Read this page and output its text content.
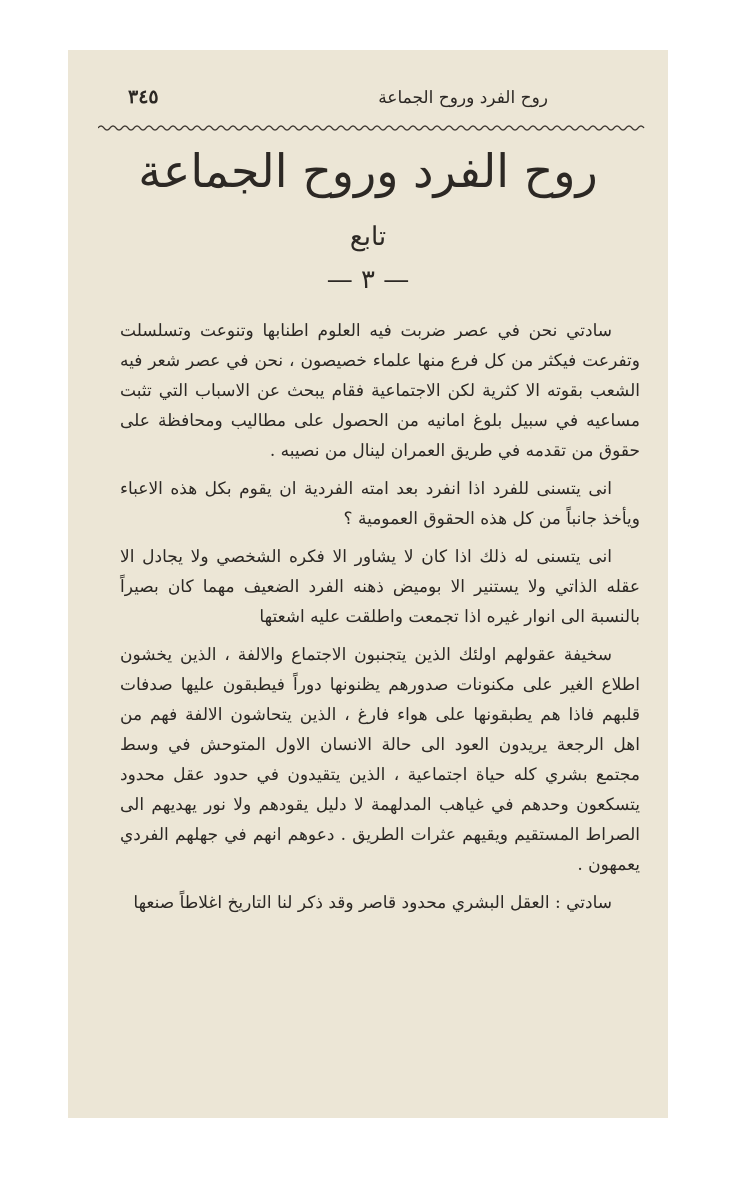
روح الفرد وروح الجماعة
٣٤٥
روح الفرد وروح الجماعة
تابع
— ٣ —

سادتي نحن في عصر ضربت فيه العلوم اطنابها وتنوعت وتسلسلت وتفرعت فيكثر من كل فرع منها علماء خصيصون ، نحن في عصر شعر فيه الشعب بقوته الا كثرية لكن الاجتماعية فقام يبحث عن الاسباب التي تثبت مساعيه في سبيل بلوغ امانيه من الحصول على مطاليب ومحافظة على حقوق من تقدمه في طريق العمران لينال من نصيبه .

انى يتسنى للفرد اذا انفرد بعد امته الفردية ان يقوم بكل هذه الاعباء ويأخذ جانباً من كل هذه الحقوق العمومية ؟

انى يتسنى له ذلك اذا كان لا يشاور الا فكره الشخصي ولا يجادل الا عقله الذاتي ولا يستنير الا بوميض ذهنه الفرد الضعيف مهما كان بصيراً بالنسبة الى انوار غيره اذا تجمعت واطلقت عليه اشعتها

سخيفة عقولهم اولئك الذين يتجنبون الاجتماع والالفة ، الذين يخشون اطلاع الغير على مكنونات صدورهم يظنونها دوراً فيطبقون عليها صدفات قلبهم فاذا هم يطبقونها على هواء فارغ ، الذين يتحاشون الالفة فهم من اهل الرجعة يريدون العود الى حالة الانسان الاول المتوحش في وسط مجتمع بشري كله حياة اجتماعية ، الذين يتقيدون في حدود عقل محدود يتسكعون وحدهم في غياهب المدلهمة لا دليل يقودهم ولا نور يهديهم الى الصراط المستقيم ويقيهم عثرات الطريق . دعوهم انهم في جهلهم الفردي يعمهون .

سادتي : العقل البشري محدود قاصر وقد ذكر لنا التاريخ اغلاطاً صنعها
